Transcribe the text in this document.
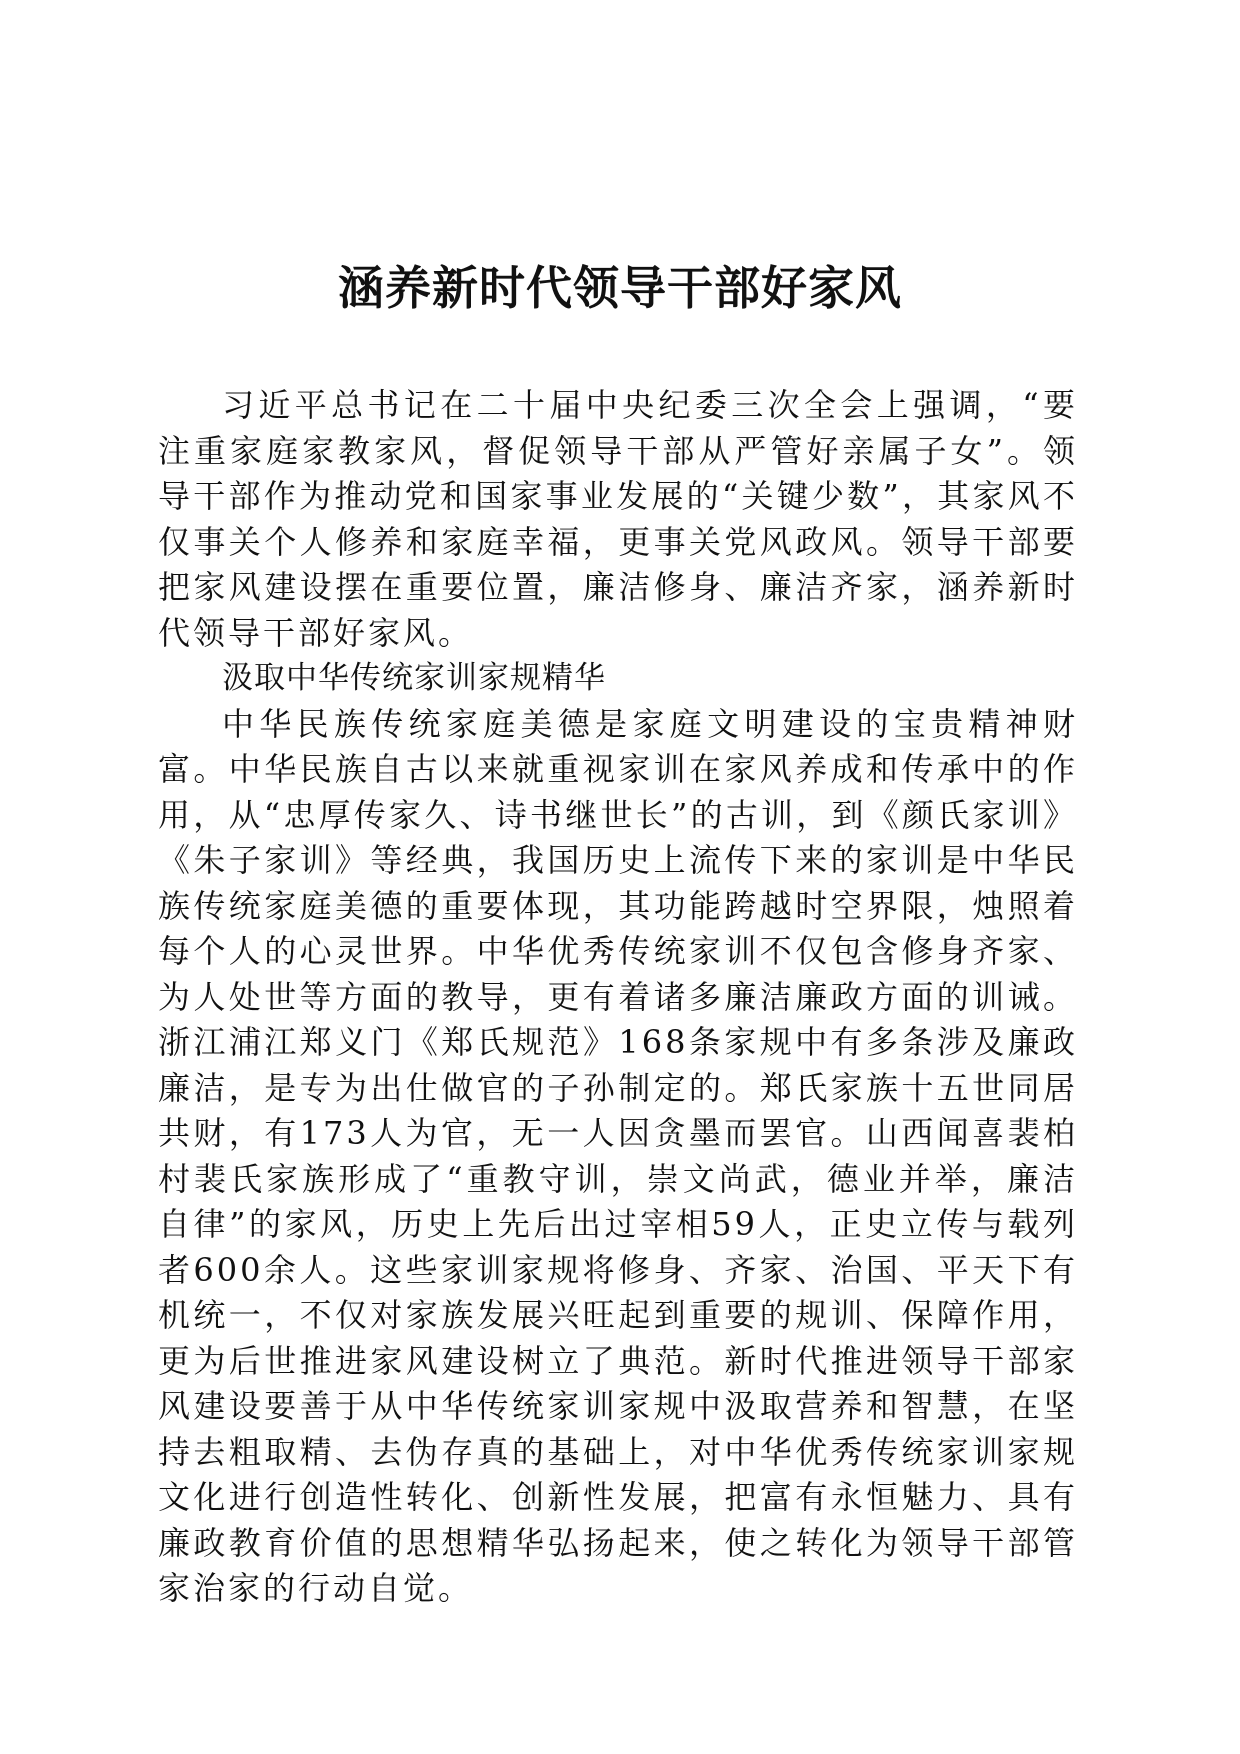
涵养新时代领导干部好家风

习近平总书记在二十届中央纪委三次全会上强调，“要注重家庭家教家风，督促领导干部从严管好亲属子女”。领导干部作为推动党和国家事业发展的“关键少数”，其家风不仅事关个人修养和家庭幸福，更事关党风政风。领导干部要把家风建设摆在重要位置，廉洁修身、廉洁齐家，涵养新时代领导干部好家风。

汲取中华传统家训家规精华

中华民族传统家庭美德是家庭文明建设的宝贵精神财富。中华民族自古以来就重视家训在家风养成和传承中的作用，从“忠厚传家久、诗书继世长”的古训，到《颜氏家训》《朱子家训》等经典，我国历史上流传下来的家训是中华民族传统家庭美德的重要体现，其功能跨越时空界限，烛照着每个人的心灵世界。中华优秀传统家训不仅包含修身齐家、为人处世等方面的教导，更有着诸多廉洁廉政方面的训诫。浙江浦江郑义门《郑氏规范》168条家规中有多条涉及廉政廉洁，是专为出仕做官的子孙制定的。郑氏家族十五世同居共财，有173人为官，无一人因贪墨而罢官。山西闻喜裴柏村裴氏家族形成了“重教守训，崇文尚武，德业并举，廉洁自律”的家风，历史上先后出过宰相59人，正史立传与载列者600余人。这些家训家规将修身、齐家、治国、平天下有机统一，不仅对家族发展兴旺起到重要的规训、保障作用，更为后世推进家风建设树立了典范。新时代推进领导干部家风建设要善于从中华传统家训家规中汲取营养和智慧，在坚持去粗取精、去伪存真的基础上，对中华优秀传统家训家规文化进行创造性转化、创新性发展，把富有永恒魅力、具有廉政教育价值的思想精华弘扬起来，使之转化为领导干部管家治家的行动自觉。
